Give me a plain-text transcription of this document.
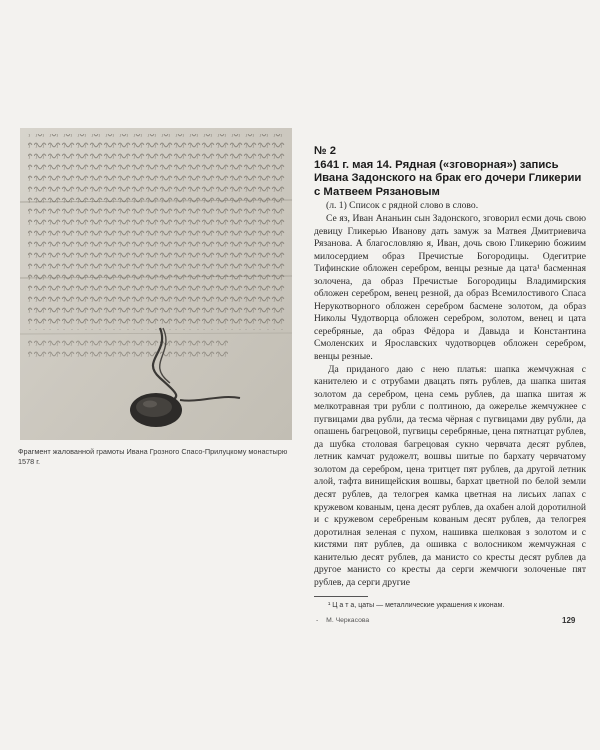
Фрагмент жалованной грамоты Ивана Грозного Спасо-Прилуцкому монастырю 1578 г.
№ 2
1641 г. мая 14. Рядная («зговорная») запись Ивана Задонского на брак его дочери Гликерии с Матвеем Рязановым
(л. 1) Список с рядной слово в слово.

Се яз, Иван Ананьин сын Задонского, зговорил есми дочь свою девицу Гликерью Иванову дать замуж за Матвея Дмитриевича Рязанова. А благословляю я, Иван, дочь свою Гликерию божиим милосердием образ Пречистые Богородицы. Одегитрие Тифинские обложен серебром, венцы резные да цата¹ басменная золочена, да образ Пречистые Богородицы Владимирския обложен серебром, венец резной, да образ Всемилостивого Спаса Нерукотворного обложен серебром басмене золотом, да образ Николы Чудотворца обложен серебром, золотом, венец и цата серебряные, да образ Фёдора и Давыда и Константина Смоленских и Ярославских чудотворцев обложен серебром, венцы резные.

Да приданого даю с нею платья: шапка жемчужная с канителею и с отрубами двацать пять рублев, да шапка шитая золотом да серебром, цена семь рублев, да шапка шитая ж мелкотравная три рубли с полтиною, да ожерелье жемчужнее с пугвицами два рубли, да тесма чёрная с пугвицами дву рубли, да опашень багрецовой, пугвицы серебряные, цена пятнатцат рублев, да шубка столовая багрецовая сукно червчата десят рублев, летник камчат рудожелт, вошвы шитые по бархату червчатому золотом да серебром, цена тритцет пят рублев, да другой летник алой, тафта винищейския вошвы, бархат цветной по белой земли десят рублев, да телогрея камка цветная на лисьих лапах с кружевом кованым, цена десят рублев, да охабен алой доротилной и с кружевом серебреным кованым десят рублев, да телогрея доротилная зеленая с пухом, нашивка шелковая з золотом и с кистями пят рублев, да ошивка с волосником жемчужная с канителью десят рублев, да манисто со кресты десят рублев да другое манисто со кресты да серги жемчюги золоченые пят рублев, да серги другие

¹ Ц а т а, цаты — металлические украшения к иконам.
- М. Черкасова	129
